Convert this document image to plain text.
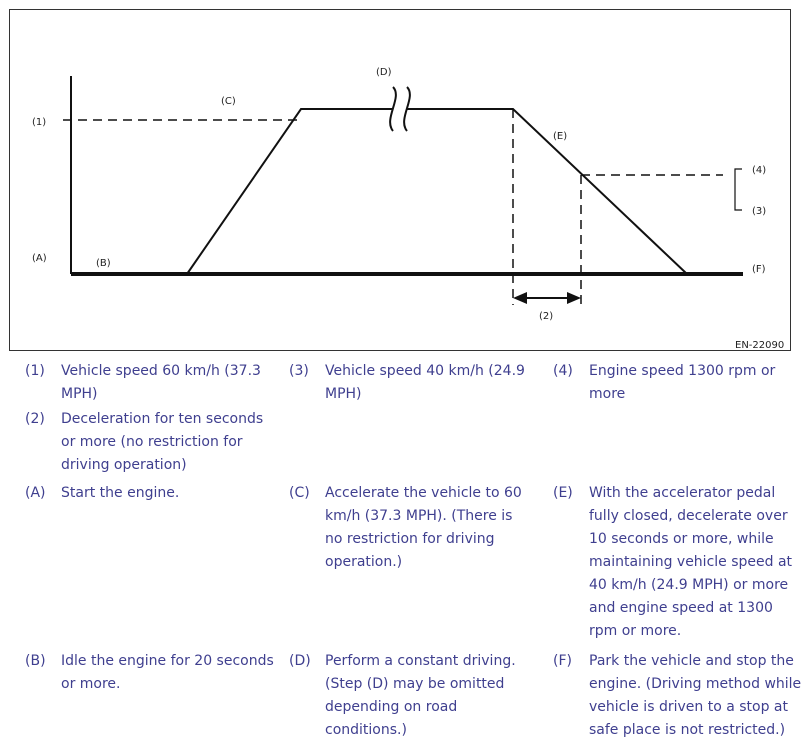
(1)
(C)
(D)
(E)
(4)
(3)
(A)	(B)
(F)
(2)
EN-22090
(1) Vehicle speed 60 km/h (37.3
MPH)
(3) Vehicle speed 40 km/h (24.9
MPH)
(4) Engine speed 1300 rpm or
more
(2) Deceleration for ten seconds
or more (no restriction for
driving operation)
(A) Start the engine.	(C) Accelerate the vehicle to 60
km/h (37.3 MPH). (There is
no restriction for driving
operation.)
(E) With the accelerator pedal
fully closed, decelerate over
10 seconds or more, while
maintaining vehicle speed at
40 km/h (24.9 MPH) or more
and engine speed at 1300
rpm or more.
(B) Idle the engine for 20 seconds
or more.
(D) Perform a constant driving.
(Step (D) may be omitted
depending on road
conditions.)
(F) Park the vehicle and stop the
engine. (Driving method while
vehicle is driven to a stop at
safe place is not restricted.)
